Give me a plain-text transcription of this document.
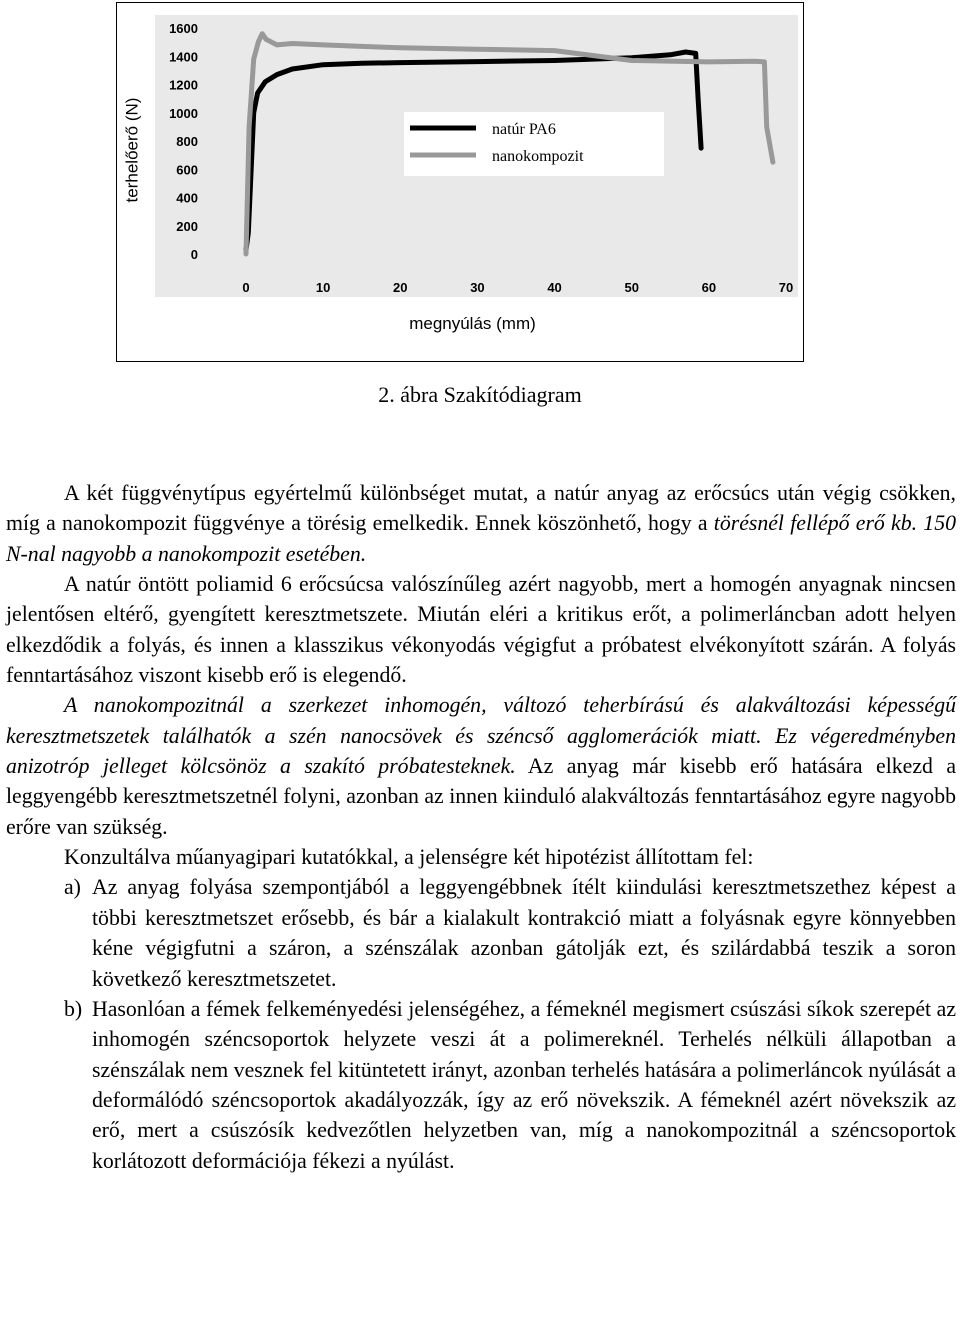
terhelőerő (N)
megnyúlás (mm)
0
200
400
600
800
1000
1200
1400
1600
0	10	20	30	40	50	60	70
natúr PA6
nanokompozit
2. ábra Szakítódiagram

A két függvénytípus egyértelmű különbséget mutat, a natúr anyag az erőcsúcs után végig csökken, míg a nanokompozit függvénye a törésig emelkedik. Ennek köszönhető, hogy a törésnél fellépő erő kb. 150 N-nal nagyobb a nanokompozit esetében.

A natúr öntött poliamid 6 erőcsúcsa valószínűleg azért nagyobb, mert a homogén anyagnak nincsen jelentősen eltérő, gyengített keresztmetszete. Miután eléri a kritikus erőt, a polimerláncban adott helyen elkezdődik a folyás, és innen a klasszikus vékonyodás végigfut a próbatest elvékonyított szárán. A folyás fenntartásához viszont kisebb erő is elegendő.

A nanokompozitnál a szerkezet inhomogén, változó teherbírású és alakváltozási képességű keresztmetszetek találhatók a szén nanocsövek és széncső agglomerációk miatt. Ez végeredményben anizotróp jelleget kölcsönöz a szakító próbatesteknek. Az anyag már kisebb erő hatására elkezd a leggyengébb keresztmetszetnél folyni, azonban az innen kiinduló alakváltozás fenntartásához egyre nagyobb erőre van szükség.

Konzultálva műanyagipari kutatókkal, a jelenségre két hipotézist állítottam fel:

a) Az anyag folyása szempontjából a leggyengébbnek ítélt kiindulási keresztmetszethez képest a többi keresztmetszet erősebb, és bár a kialakult kontrakció miatt a folyásnak egyre könnyebben kéne végigfutni a száron, a szénszálak azonban gátolják ezt, és szilárdabbá teszik a soron következő keresztmetszetet.
b) Hasonlóan a fémek felkeményedési jelenségéhez, a fémeknél megismert csúszási síkok szerepét az inhomogén széncsoportok helyzete veszi át a polimereknél. Terhelés nélküli állapotban a szénszálak nem vesznek fel kitüntetett irányt, azonban terhelés hatására a polimerláncok nyúlását a deformálódó széncsoportok akadályozzák, így az erő növekszik. A fémeknél azért növekszik az erő, mert a csúszósík kedvezőtlen helyzetben van, míg a nanokompozitnál a széncsoportok korlátozott deformációja fékezi a nyúlást.
